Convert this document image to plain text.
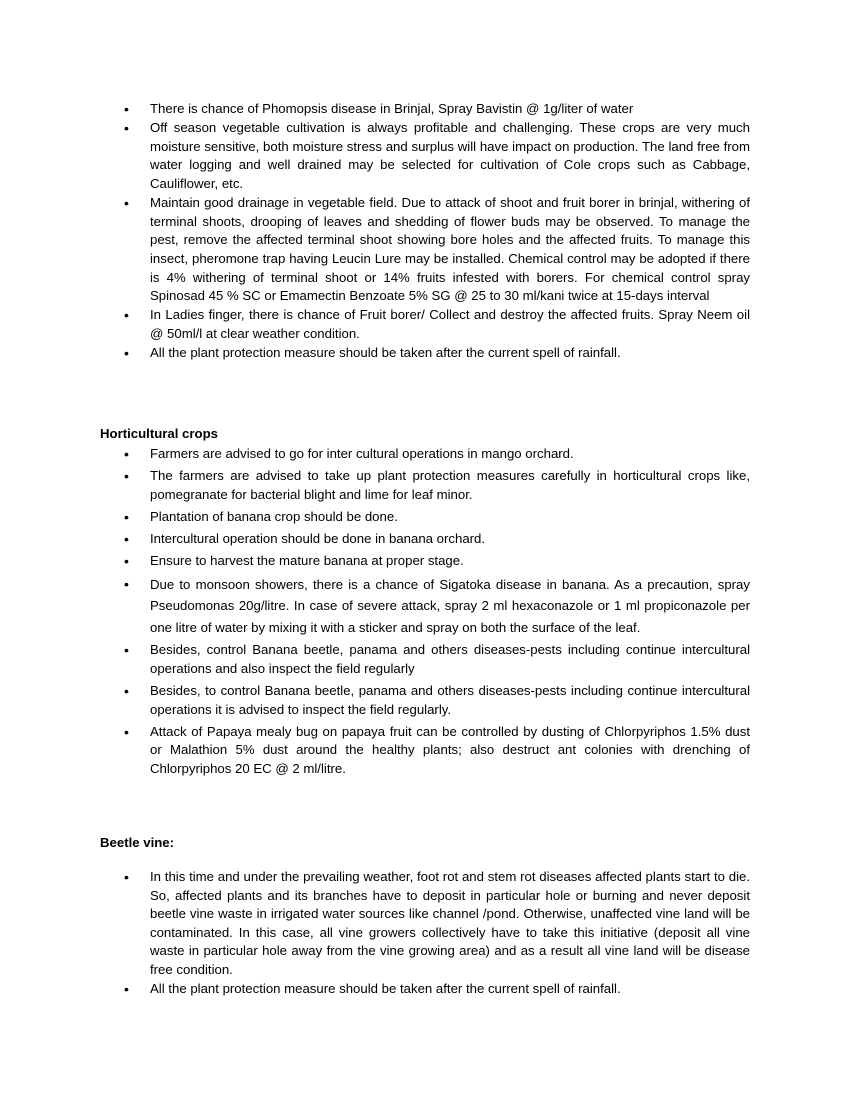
• There is chance of Phomopsis disease in Brinjal, Spray Bavistin @ 1g/liter of water
• Off season vegetable cultivation is always profitable and challenging. These crops are very much moisture sensitive, both moisture stress and surplus will have impact on production. The land free from water logging and well drained may be selected for cultivation of Cole crops such as Cabbage, Cauliflower, etc.
• Maintain good drainage in vegetable field. Due to attack of shoot and fruit borer in brinjal, withering of terminal shoots, drooping of leaves and shedding of flower buds may be observed. To manage the pest, remove the affected terminal shoot showing bore holes and the affected fruits. To manage this insect, pheromone trap having Leucin Lure may be installed. Chemical control may be adopted if there is 4% withering of terminal shoot or 14% fruits infested with borers. For chemical control spray Spinosad 45 % SC or Emamectin Benzoate 5% SG @ 25 to 30 ml/kani twice at 15-days interval
• In Ladies finger, there is chance of Fruit borer/ Collect and destroy the affected fruits. Spray Neem oil @ 50ml/l at clear weather condition.
• All the plant protection measure should be taken after the current spell of rainfall.
Horticultural crops
• Farmers are advised to go for inter cultural operations in mango orchard.
• The farmers are advised to take up plant protection measures carefully in horticultural crops like, pomegranate for bacterial blight and lime for leaf minor.
• Plantation of banana crop should be done.
• Intercultural operation should be done in banana orchard.
• Ensure to harvest the mature banana at proper stage.
• Due to monsoon showers, there is a chance of Sigatoka disease in banana. As a precaution, spray Pseudomonas 20g/litre. In case of severe attack, spray 2 ml hexaconazole or 1 ml propiconazole per one litre of water by mixing it with a sticker and spray on both the surface of the leaf.
• Besides, control Banana beetle, panama and others diseases-pests including continue intercultural operations and also inspect the field regularly
• Besides, to control Banana beetle, panama and others diseases-pests including continue intercultural operations it is advised to inspect the field regularly.
• Attack of Papaya mealy bug on papaya fruit can be controlled by dusting of Chlorpyriphos 1.5% dust or Malathion 5% dust around the healthy plants; also destruct ant colonies with drenching of Chlorpyriphos 20 EC @ 2 ml/litre.
Beetle vine:
• In this time and under the prevailing weather, foot rot and stem rot diseases affected plants start to die. So, affected plants and its branches have to deposit in particular hole or burning and never deposit beetle vine waste in irrigated water sources like channel /pond. Otherwise, unaffected vine land will be contaminated. In this case, all vine growers collectively have to take this initiative (deposit all vine waste in particular hole away from the vine growing area) and as a result all vine land will be disease free condition.
• All the plant protection measure should be taken after the current spell of rainfall.
